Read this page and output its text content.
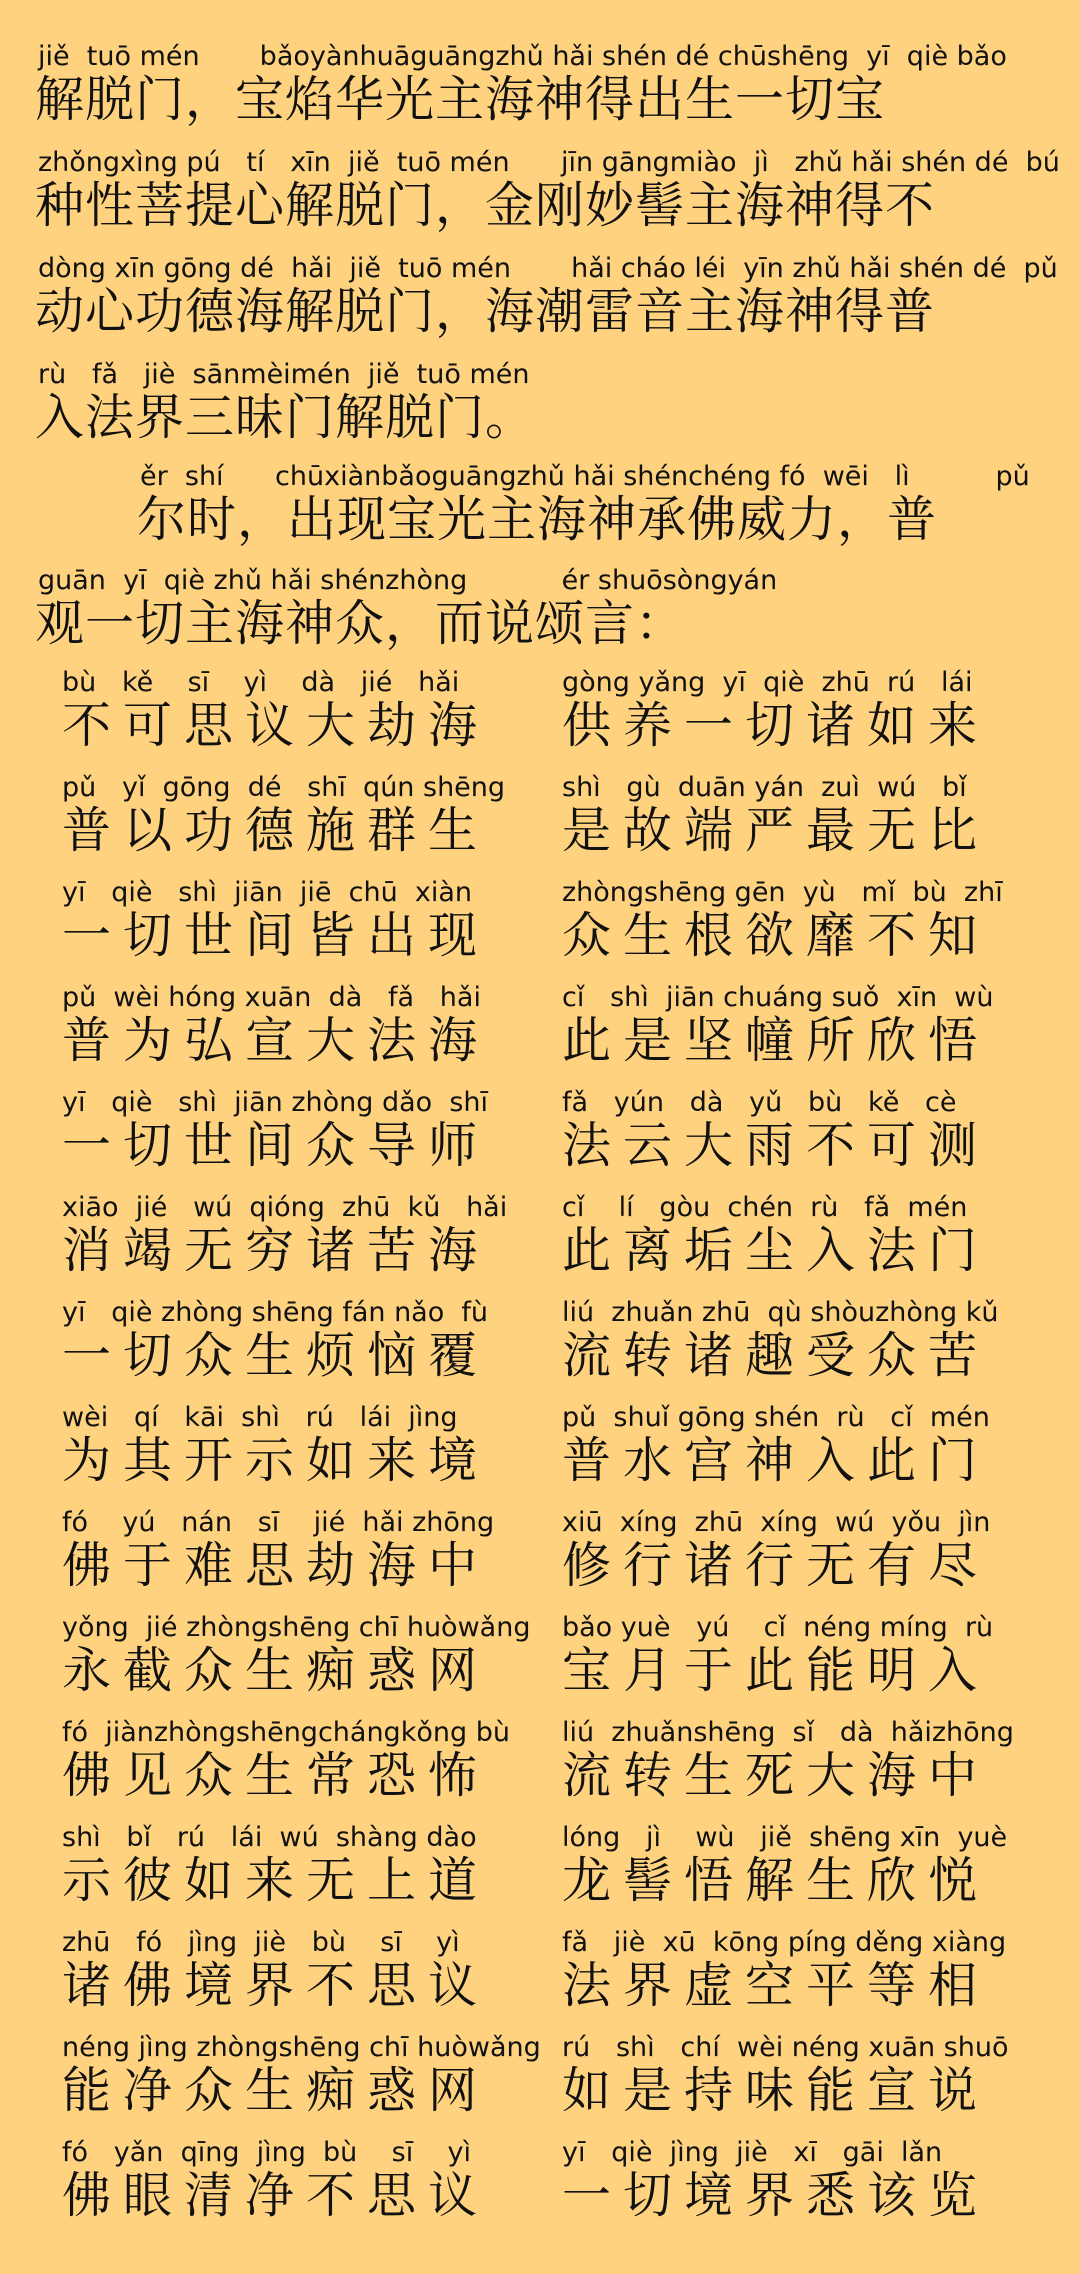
jiě  tuō mén       bǎoyànhuāguāngzhǔ hǎi shén dé chūshēng  yī  qiè bǎo
解脱门，宝焰华光主海神得出生一切宝
zhǒngxìng pú   tí   xīn  jiě  tuō mén      jīn gāngmiào  jì   zhǔ hǎi shén dé  bú
种性菩提心解脱门，金刚妙髻主海神得不
dòng xīn gōng dé  hǎi  jiě  tuō mén       hǎi cháo léi  yīn zhǔ hǎi shén dé  pǔ
动心功德海解脱门，海潮雷音主海神得普
rù   fǎ   jiè  sānmèimén  jiě  tuō mén
入法界三昧门解脱门。
ěr  shí      chūxiànbǎoguāngzhǔ hǎi shénchéng fó  wēi   lì          pǔ
尔时，出现宝光主海神承佛威力，普
guān  yī  qiè zhǔ hǎi shénzhòng           ér shuōsòngyán
观一切主海神众，而说颂言：
bù   kě    sī    yì    dà   jié   hǎi
不可思议大劫海
gòng yǎng  yī  qiè  zhū  rú   lái
供养一切诸如来
pǔ   yǐ  gōng  dé   shī  qún shēng
普以功德施群生
shì   gù  duān yán  zuì  wú   bǐ
是故端严最无比
yī   qiè   shì  jiān  jiē  chū  xiàn
一切世间皆出现
zhòngshēng gēn  yù   mǐ  bù  zhī
众生根欲靡不知
pǔ  wèi hóng xuān  dà   fǎ   hǎi
普为弘宣大法海
cǐ   shì  jiān chuáng suǒ  xīn  wù
此是坚幢所欣悟
yī   qiè   shì  jiān zhòng dǎo  shī
一切世间众导师
fǎ   yún   dà   yǔ   bù   kě   cè
法云大雨不可测
xiāo  jié   wú  qióng  zhū  kǔ   hǎi
消竭无穷诸苦海
cǐ    lí   gòu  chén  rù   fǎ  mén
此离垢尘入法门
yī   qiè zhòng shēng fán nǎo  fù
一切众生烦恼覆
liú  zhuǎn zhū  qù shòuzhòng kǔ
流转诸趣受众苦
wèi   qí   kāi  shì   rú   lái  jìng
为其开示如来境
pǔ  shuǐ gōng shén  rù   cǐ  mén
普水宫神入此门
fó    yú   nán   sī    jié  hǎi zhōng
佛于难思劫海中
xiū  xíng  zhū  xíng  wú  yǒu  jìn
修行诸行无有尽
yǒng  jié zhòngshēng chī huòwǎng
永截众生痴惑网
bǎo yuè   yú    cǐ  néng míng  rù
宝月于此能明入
fó  jiànzhòngshēngchángkǒng bù
佛见众生常恐怖
liú  zhuǎnshēng  sǐ   dà  hǎizhōng
流转生死大海中
shì   bǐ   rú   lái  wú  shàng dào
示彼如来无上道
lóng   jì    wù   jiě  shēng xīn  yuè
龙髻悟解生欣悦
zhū   fó   jìng  jiè   bù    sī    yì
诸佛境界不思议
fǎ   jiè  xū  kōng píng děng xiàng
法界虚空平等相
néng jìng zhòngshēng chī huòwǎng
能净众生痴惑网
rú   shì   chí  wèi néng xuān shuō
如是持味能宣说
fó   yǎn  qīng  jìng  bù    sī    yì
佛眼清净不思议
yī   qiè  jìng  jiè   xī   gāi  lǎn
一切境界悉该览
